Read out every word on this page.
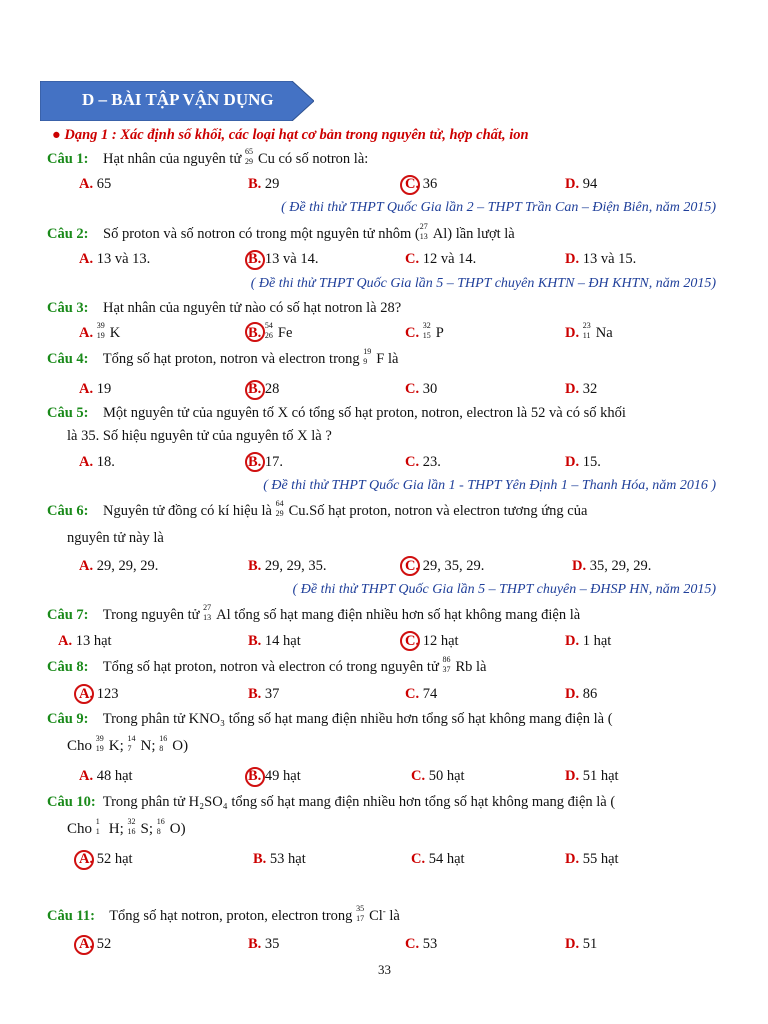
D – BÀI TẬP VẬN DỤNG
● Dạng 1 : Xác định số khối, các loại hạt cơ bản trong nguyên tử, hợp chất, ion
Câu 1: Hạt nhân của nguyên tử 65
29 Cu có số notron là:
A. 65	B. 29	C. 36	D. 94
( Đề thi thử THPT Quốc Gia lần 2 – THPT Trần Can – Điện Biên, năm 2015)
Câu 2: Số proton và số notron có trong một nguyên tử nhôm ( 27
13 Al) lần lượt là
A. 13 và 13.	B. 13 và 14.	C. 12 và 14.	D. 13 và 15.
( Đề thi thử THPT Quốc Gia lần 5 – THPT chuyên KHTN – ĐH KHTN, năm 2015)
Câu 3: Hạt nhân của nguyên tử nào có số hạt notron là 28?
A. 39
19 K	B. 54
26 Fe	C. 32
15 P	D. 23
11 Na
Câu 4: Tổng số hạt proton, notron và electron trong 19
9 F là
A. 19	B. 28	C. 30	D. 32
Câu 5: Một nguyên tử của nguyên tố X có tổng số hạt proton, notron, electron là 52 và có số khối
là 35. Số hiệu nguyên tử của nguyên tố X là ?
A. 18.	B. 17.	C. 23.	D. 15.
( Đề thi thử THPT Quốc Gia lần 1 - THPT Yên Định 1 – Thanh Hóa, năm 2016 )
Câu 6: Nguyên tử đồng có kí hiệu là 64
29 Cu.Số hạt proton, notron và electron tương ứng của
nguyên tử này là
A. 29, 29, 29.	B. 29, 29, 35.	C. 29, 35, 29.	D. 35, 29, 29.
( Đề thi thử THPT Quốc Gia lần 5 – THPT chuyên – ĐHSP HN, năm 2015)
Câu 7: Trong nguyên tử 27
13 Al tổng số hạt mang điện nhiều hơn số hạt không mang điện là
A. 13 hạt	B. 14 hạt	C. 12 hạt	D. 1 hạt
Câu 8: Tổng số hạt proton, notron và electron có trong nguyên tử 86
37 Rb là
A. 123	B. 37	C. 74	D. 86
Câu 9: Trong phân tử KNO₃ tổng số hạt mang điện nhiều hơn tổng số hạt không mang điện là (
Cho 39
19 K; 14
7 N; 16
8 O)
A. 48 hạt	B. 49 hạt	C. 50 hạt	D. 51 hạt
Câu 10: Trong phân tử H₂SO₄ tổng số hạt mang điện nhiều hơn tổng số hạt không mang điện là (
Cho 1
1 H; 32
16 S; 16
8 O)
A. 52 hạt	B. 53 hạt	C. 54 hạt	D. 55 hạt
Câu 11: Tổng số hạt notron, proton, electron trong 35
17 Cl- là
A. 52	B. 35	C. 53	D. 51
33
